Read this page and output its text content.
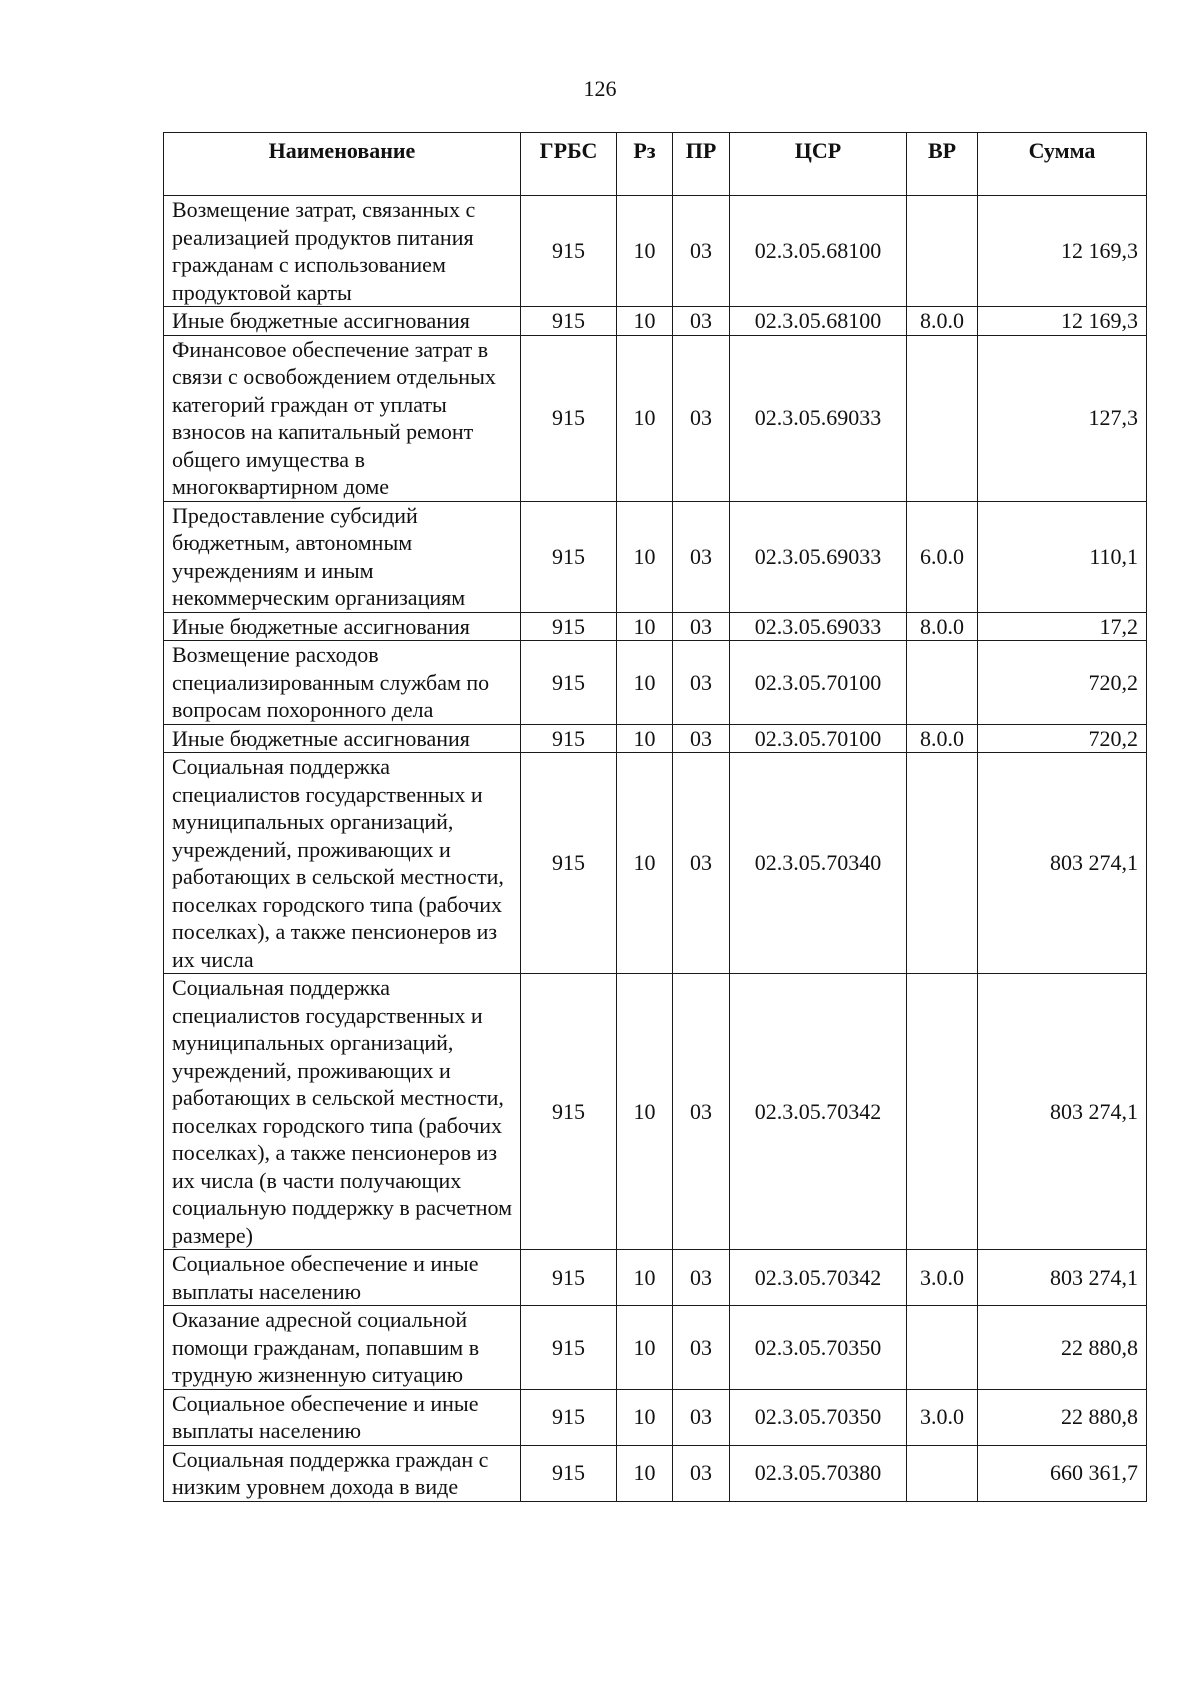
126
Наименование	ГРБС	Рз	ПР	ЦСР	ВР	Сумма
Возмещение затрат, связанных с реализацией продуктов питания гражданам с использованием продуктовой карты	915	10	03	02.3.05.68100		12 169,3
Иные бюджетные ассигнования	915	10	03	02.3.05.68100	8.0.0	12 169,3
Финансовое обеспечение затрат в связи с освобождением отдельных категорий граждан от уплаты взносов на капитальный ремонт общего имущества в многоквартирном доме	915	10	03	02.3.05.69033		127,3
Предоставление субсидий бюджетным, автономным учреждениям и иным некоммерческим организациям	915	10	03	02.3.05.69033	6.0.0	110,1
Иные бюджетные ассигнования	915	10	03	02.3.05.69033	8.0.0	17,2
Возмещение расходов специализированным службам по вопросам похоронного дела	915	10	03	02.3.05.70100		720,2
Иные бюджетные ассигнования	915	10	03	02.3.05.70100	8.0.0	720,2
Социальная поддержка специалистов государственных и муниципальных организаций, учреждений, проживающих и работающих в сельской местности, поселках городского типа (рабочих поселках), а также пенсионеров из их числа	915	10	03	02.3.05.70340		803 274,1
Социальная поддержка специалистов государственных и муниципальных организаций, учреждений, проживающих и работающих в сельской местности, поселках городского типа (рабочих поселках), а также пенсионеров из их числа (в части получающих социальную поддержку в расчетном размере)	915	10	03	02.3.05.70342		803 274,1
Социальное обеспечение и иные выплаты населению	915	10	03	02.3.05.70342	3.0.0	803 274,1
Оказание адресной социальной помощи гражданам, попавшим в трудную жизненную ситуацию	915	10	03	02.3.05.70350		22 880,8
Социальное обеспечение и иные выплаты населению	915	10	03	02.3.05.70350	3.0.0	22 880,8
Социальная поддержка граждан с низким уровнем дохода в виде	915	10	03	02.3.05.70380		660 361,7
